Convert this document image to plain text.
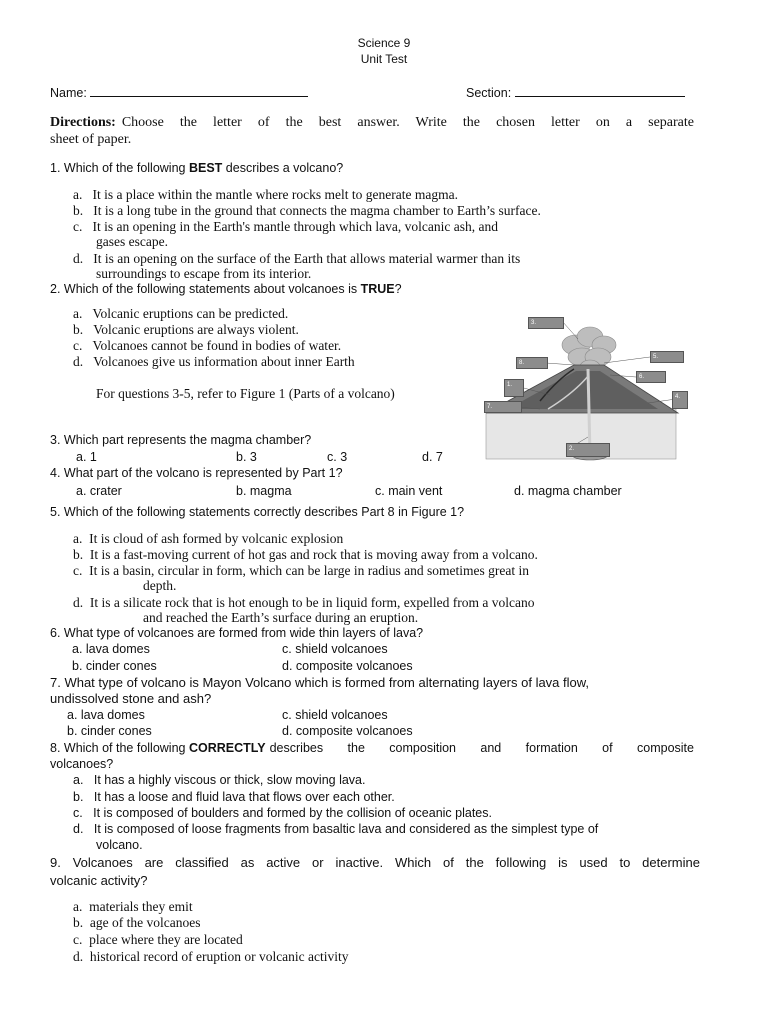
Science 9
Unit Test
Name:	Section:
Directions: Choose the letter of the best answer. Write the chosen letter on a separate
sheet of paper.
1. Which of the following BEST describes a volcano?
a.   It is a place within the mantle where rocks melt to generate magma.
b.   It is a long tube in the ground that connects the magma chamber to Earth’s surface.
c.   It is an opening in the Earth's mantle through which lava, volcanic ash, and
gases escape.
d.   It is an opening on the surface of the Earth that allows material warmer than its
surroundings to escape from its interior.
2. Which of the following statements about volcanoes is TRUE?
a.   Volcanic eruptions can be predicted.
b.   Volcanic eruptions are always violent.
c.   Volcanoes cannot be found in bodies of water.
d.   Volcanoes give us information about inner Earth
For questions 3-5, refer to Figure 1 (Parts of a volcano)
3.
8.
5.
6.
1.
7.
4.
2.
3. Which part represents the magma chamber?
a. 1	b. 3	c. 3	d. 7
4. What part of the volcano is represented by Part 1?
a. crater	b. magma	c. main vent	d. magma chamber
5. Which of the following statements correctly describes Part 8 in Figure 1?
a.  It is cloud of ash formed by volcanic explosion
b.  It is a fast-moving current of hot gas and rock that is moving away from a volcano.
c.  It is a basin, circular in form, which can be large in radius and sometimes great in
depth.
d.  It is a silicate rock that is hot enough to be in liquid form, expelled from a volcano
and reached the Earth’s surface during an eruption.
6. What type of volcanoes are formed from wide thin layers of lava?
a. lava domes
b. cinder cones
c. shield volcanoes
d. composite volcanoes
7. What type of volcano is Mayon Volcano which is formed from alternating layers of lava flow,
undissolved stone and ash?
a. lava domes
b. cinder cones
c. shield volcanoes
d. composite volcanoes
8. Which of the following CORRECTLY describes the composition and formation of composite
volcanoes?
a.   It has a highly viscous or thick, slow moving lava.
b.   It has a loose and fluid lava that flows over each other.
c.   It is composed of boulders and formed by the collision of oceanic plates.
d.   It is composed of loose fragments from basaltic lava and considered as the simplest type of
volcano.
9. Volcanoes are classified as active or inactive. Which of the following is used to determine
volcanic activity?
a.  materials they emit
b.  age of the volcanoes
c.  place where they are located
d.  historical record of eruption or volcanic activity
